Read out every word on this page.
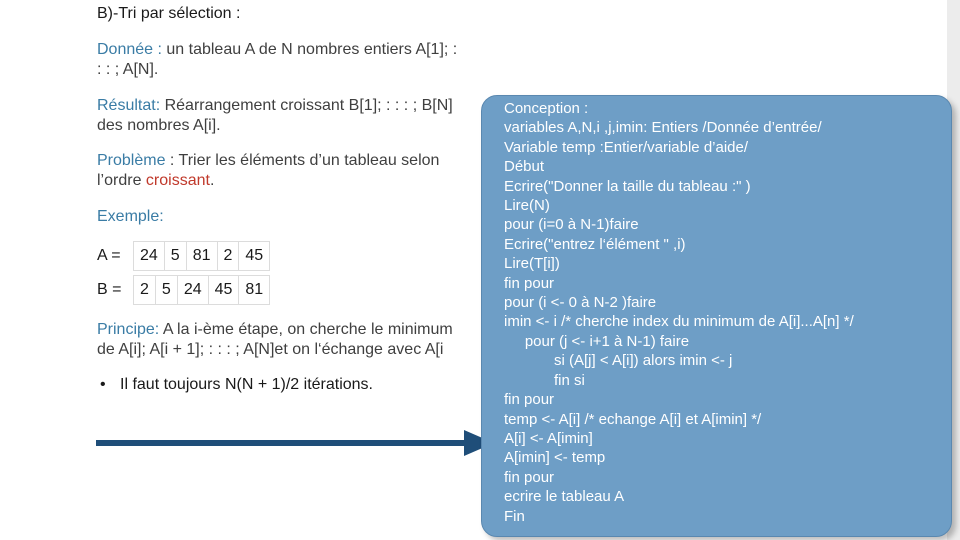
B)-Tri par sélection :
Donnée : un tableau A de N nombres entiers A[1]; :
: : ; A[N].
Résultat: Réarrangement croissant B[1]; : : : ; B[N]
des nombres A[i].
Problème : Trier les éléments d’un tableau selon
l’ordre croissant.
Exemple:
A =	24	5	81	2	45
B =	2	5	24	45	81
Principe: A la i-ème étape, on cherche le minimum
de A[i]; A[i + 1]; : : : ; A[N]et on l‘échange avec A[i
• Il faut toujours N(N + 1)/2 itérations.
Conception :
variables A,N,i ,j,imin: Entiers /Donnée d’entrée/
Variable temp :Entier/variable d’aide/
Début
Ecrire("Donner la taille du tableau :" )
Lire(N)
pour (i=0 à N-1)faire
Ecrire("entrez l‘élément " ,i)
Lire(T[i])
fin pour
pour (i <- 0 à N-2 )faire
imin <- i /* cherche index du minimum de A[i]...A[n] */
pour (j <- i+1 à N-1) faire
si (A[j] < A[i]) alors imin <- j
fin si
fin pour
temp <- A[i] /* echange A[i] et A[imin] */
A[i] <- A[imin]
A[imin] <- temp
fin pour
ecrire le tableau A
Fin
